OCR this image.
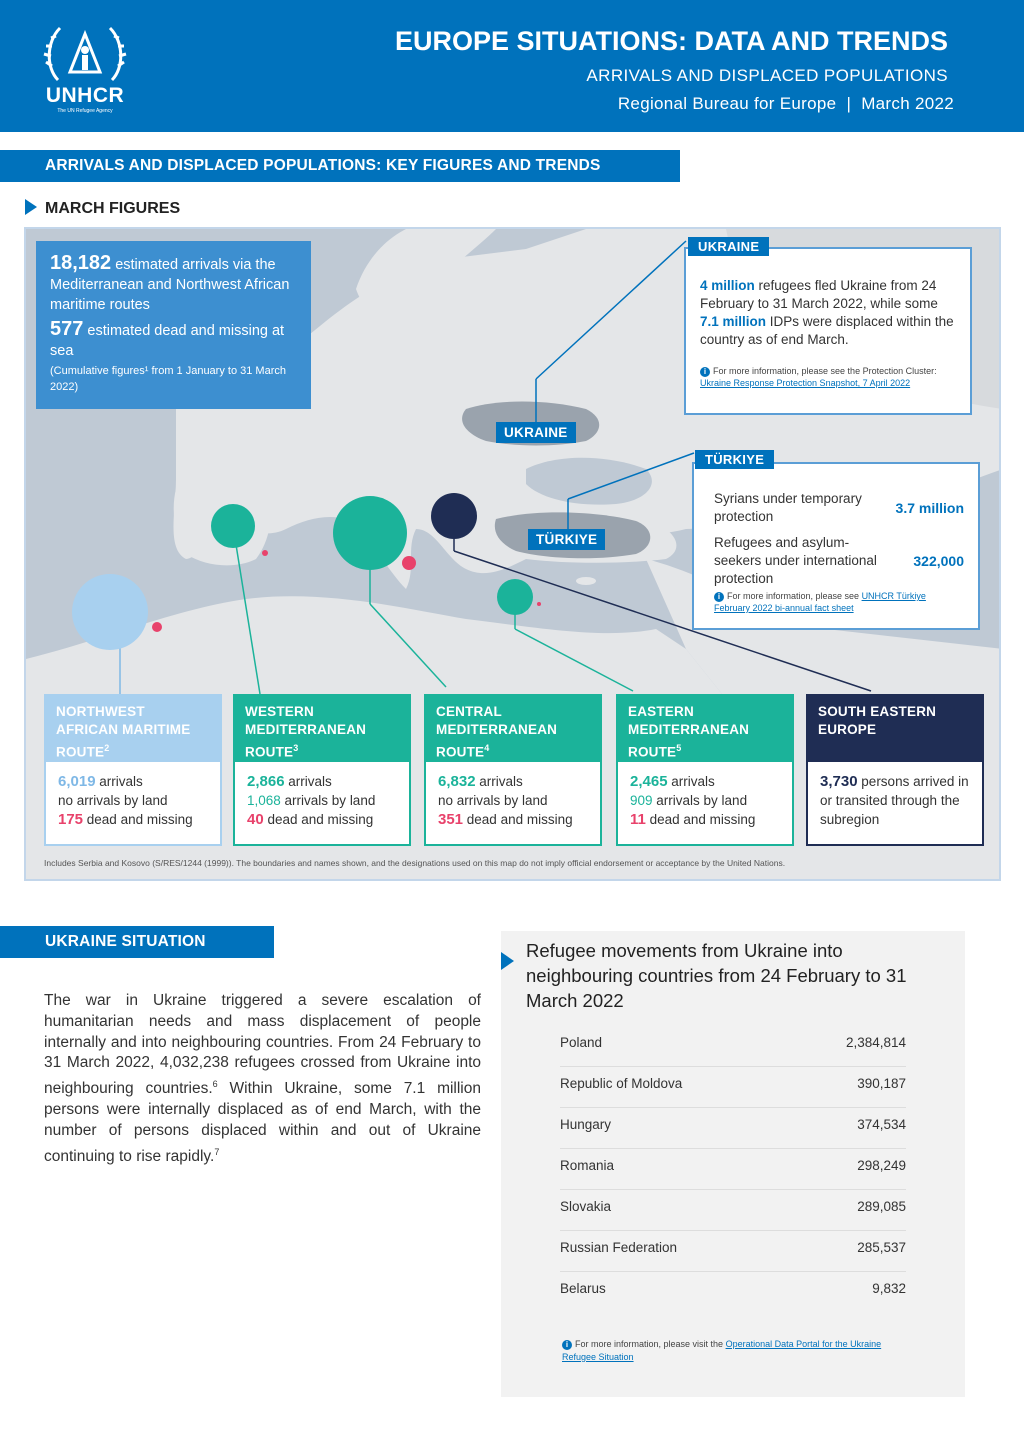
UNHCR
The UN Refugee Agency
EUROPE SITUATIONS: DATA AND TRENDS
ARRIVALS AND DISPLACED POPULATIONS
Regional Bureau for Europe  |  March 2022
ARRIVALS AND DISPLACED POPULATIONS: KEY FIGURES AND TRENDS
MARCH FIGURES
18,182 estimated arrivals via the Mediterranean and Northwest African maritime routes
577 estimated dead and missing at sea
(Cumulative figures¹ from 1 January to 31 March 2022)
UKRAINE
TÜRKIYE
4 million refugees fled Ukraine from 24 February to 31 March 2022, while some 7.1 million IDPs were displaced within the country as of end March.
i For more information, please see the Protection Cluster: Ukraine Response Protection Snapshot, 7 April 2022
UKRAINE
Syrians under temporary protection
3.7 million
Refugees and asylum-seekers under international protection
322,000
i For more information, please see UNHCR Türkiye February 2022 bi-annual fact sheet
TÜRKIYE
NORTHWEST AFRICAN MARITIME ROUTE$^2$
6,019 arrivals
no arrivals by land
175 dead and missing
WESTERN MEDITERRANEAN ROUTE$^3$
2,866 arrivals
1,068 arrivals by land
40 dead and missing
CENTRAL MEDITERRANEAN ROUTE$^4$
6,832 arrivals
no arrivals by land
351 dead and missing
EASTERN MEDITERRANEAN ROUTE$^5$
2,465 arrivals
909 arrivals by land
11 dead and missing
SOUTH EASTERN EUROPE
3,730 persons arrived in or transited through the subregion
Includes Serbia and Kosovo (S/RES/1244 (1999)). The boundaries and names shown, and the designations used on this map do not imply official endorsement or acceptance by the United Nations.
UKRAINE SITUATION
The war in Ukraine triggered a severe escalation of humanitarian needs and mass displacement of people internally and into neighbouring countries. From 24 February to 31 March 2022, 4,032,238 refugees crossed from Ukraine into neighbouring countries.$^6$ Within Ukraine, some 7.1 million persons were internally displaced as of end March, with the number of persons displaced within and out of Ukraine continuing to rise rapidly.$^7$
Refugee movements from Ukraine into neighbouring countries from 24 February to 31 March 2022
Poland	2,384,814
Republic of Moldova	390,187
Hungary	374,534
Romania	298,249
Slovakia	289,085
Russian Federation	285,537
Belarus	9,832
i For more information, please visit the Operational Data Portal for the Ukraine Refugee Situation
